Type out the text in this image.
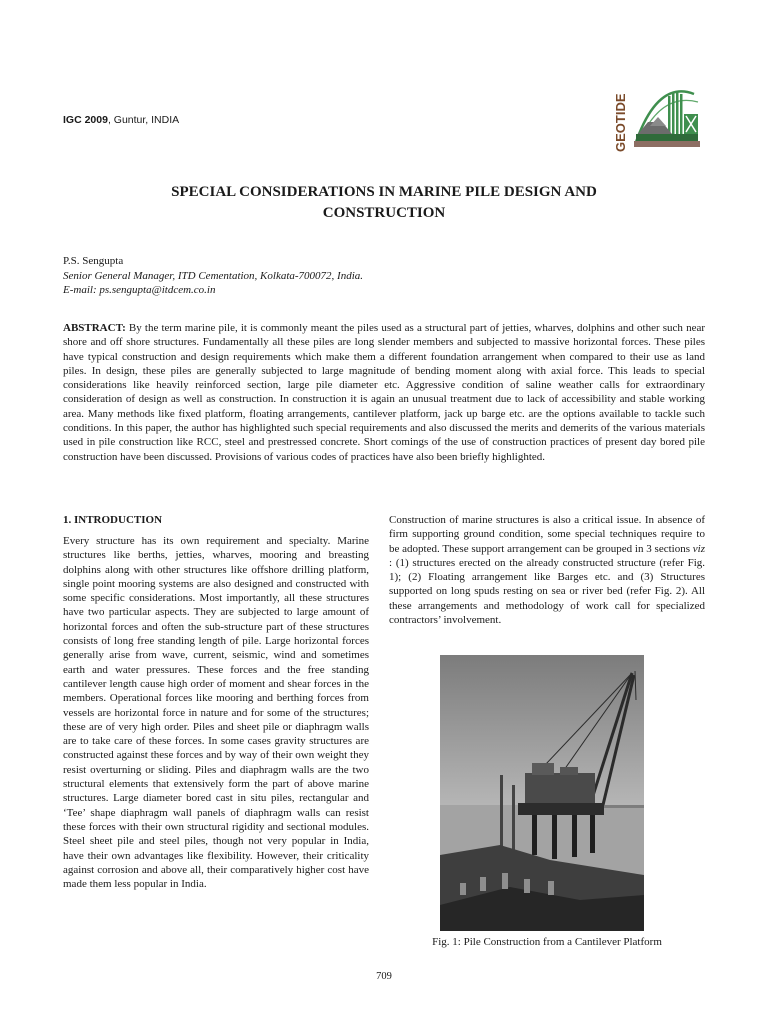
IGC 2009, Guntur, INDIA	GEOTIDE
SPECIAL CONSIDERATIONS IN MARINE PILE DESIGN AND
CONSTRUCTION
P.S. Sengupta
Senior General Manager, ITD Cementation, Kolkata-700072, India.
E-mail: ps.sengupta@itdcem.co.in

ABSTRACT: By the term marine pile, it is commonly meant the piles used as a structural part of jetties, wharves, dolphins and other such near shore and off shore structures. Fundamentally all these piles are long slender members and subjected to massive horizontal forces. These piles have typical construction and design requirements which make them a different foundation arrangement when compared to their use as land piles. In design, these piles are generally subjected to large magnitude of bending moment along with axial force. This leads to special considerations like heavily reinforced section, large pile diameter etc. Aggressive condition of saline weather calls for extraordinary consideration of design as well as construction. In construction it is again an unusual treatment due to lack of accessibility and stable working area. Many methods like fixed platform, floating arrangements, cantilever platform, jack up barge etc. are the options available to tackle such conditions. In this paper, the author has highlighted such special requirements and also discussed the merits and demerits of the various materials used in pile construction like RCC, steel and prestressed concrete. Short comings of the use of construction practices of present day bored pile construction have been discussed. Provisions of various codes of practices have also been briefly highlighted.

1. INTRODUCTION

Every structure has its own requirement and specialty. Marine structures like berths, jetties, wharves, mooring and breasting dolphins along with other structures like offshore drilling platform, single point mooring systems are also designed and constructed with some specific considerations. Most importantly, all these structures have two particular aspects. They are subjected to large amount of horizontal forces and often the sub-structure part of these structures consists of long free standing length of pile. Large horizontal forces generally arise from wave, current, seismic, wind and sometimes earth and water pressures. These forces and the free standing cantilever length cause high order of moment and shear forces in the members. Operational forces like mooring and berthing forces from vessels are horizontal force in nature and for some of the structures; these are of very high order. Piles and sheet pile or diaphragm walls are to take care of these forces. In some cases gravity structures are constructed against these forces and by way of their own weight they resist overturning or sliding. Piles and diaphragm walls are the two structural elements that extensively form the part of above marine structures. Large diameter bored cast in situ piles, rectangular and ‘Tee’ shape diaphragm wall panels of diaphragm walls can resist these forces with their own structural rigidity and sectional modules. Steel sheet pile and steel piles, though not very popular in India, have their own advantages like flexibility. However, their criticality against corrosion and above all, their comparatively higher cost have made them less popular in India.

Construction of marine structures is also a critical issue. In absence of firm supporting ground condition, some special techniques require to be adopted. These support arrangement can be grouped in 3 sections viz : (1) structures erected on the already constructed structure (refer Fig. 1); (2) Floating arrangement like Barges etc. and (3) Structures supported on long spuds resting on sea or river bed (refer Fig. 2). All these arrangements and methodology of work call for specialized contractors’ involvement.

Fig. 1: Pile Construction from a Cantilever Platform
709
